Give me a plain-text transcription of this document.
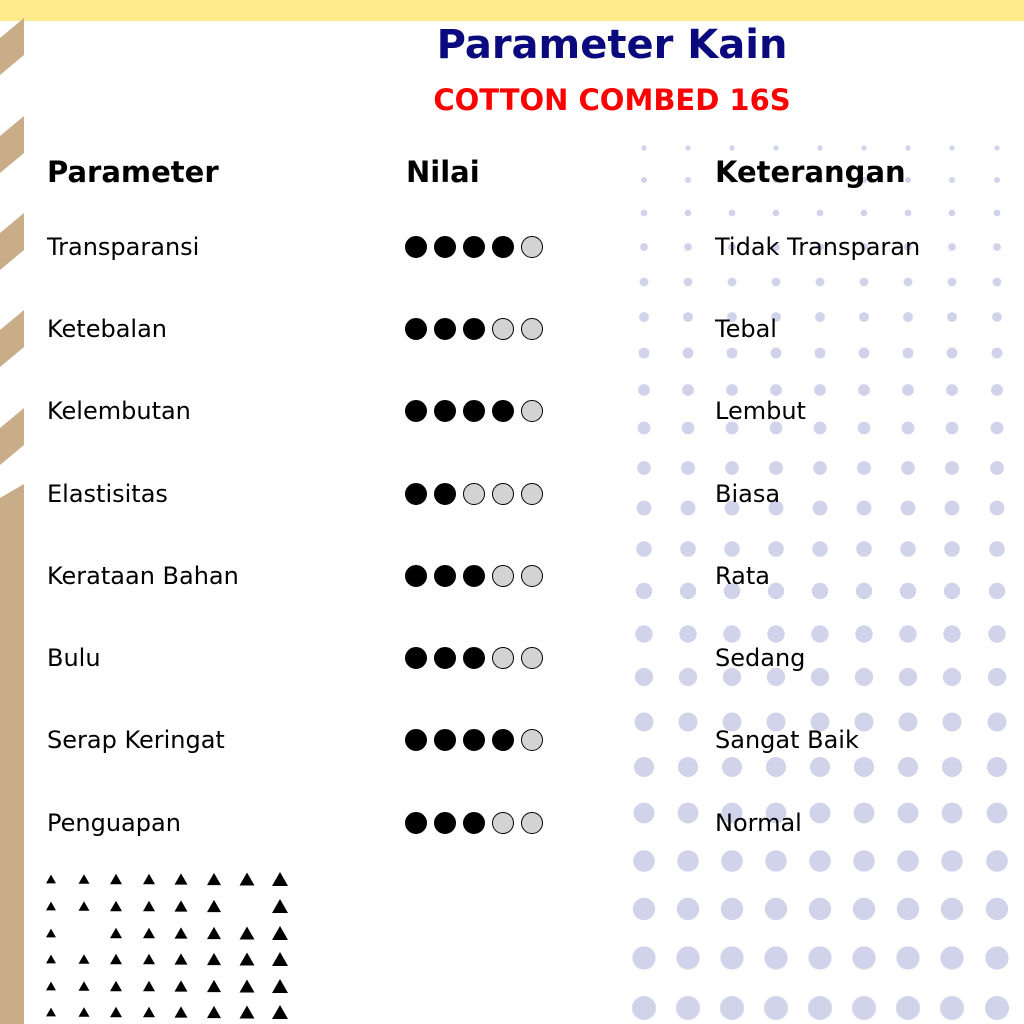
Parameter Kain
COTTON COMBED 16S
Parameter	Nilai	Keterangan
Transparansi	Tidak Transparan
Ketebalan	Tebal
Kelembutan	Lembut
Elastisitas	Biasa
Kerataan Bahan	Rata
Bulu	Sedang
Serap Keringat	Sangat Baik
Penguapan	Normal
